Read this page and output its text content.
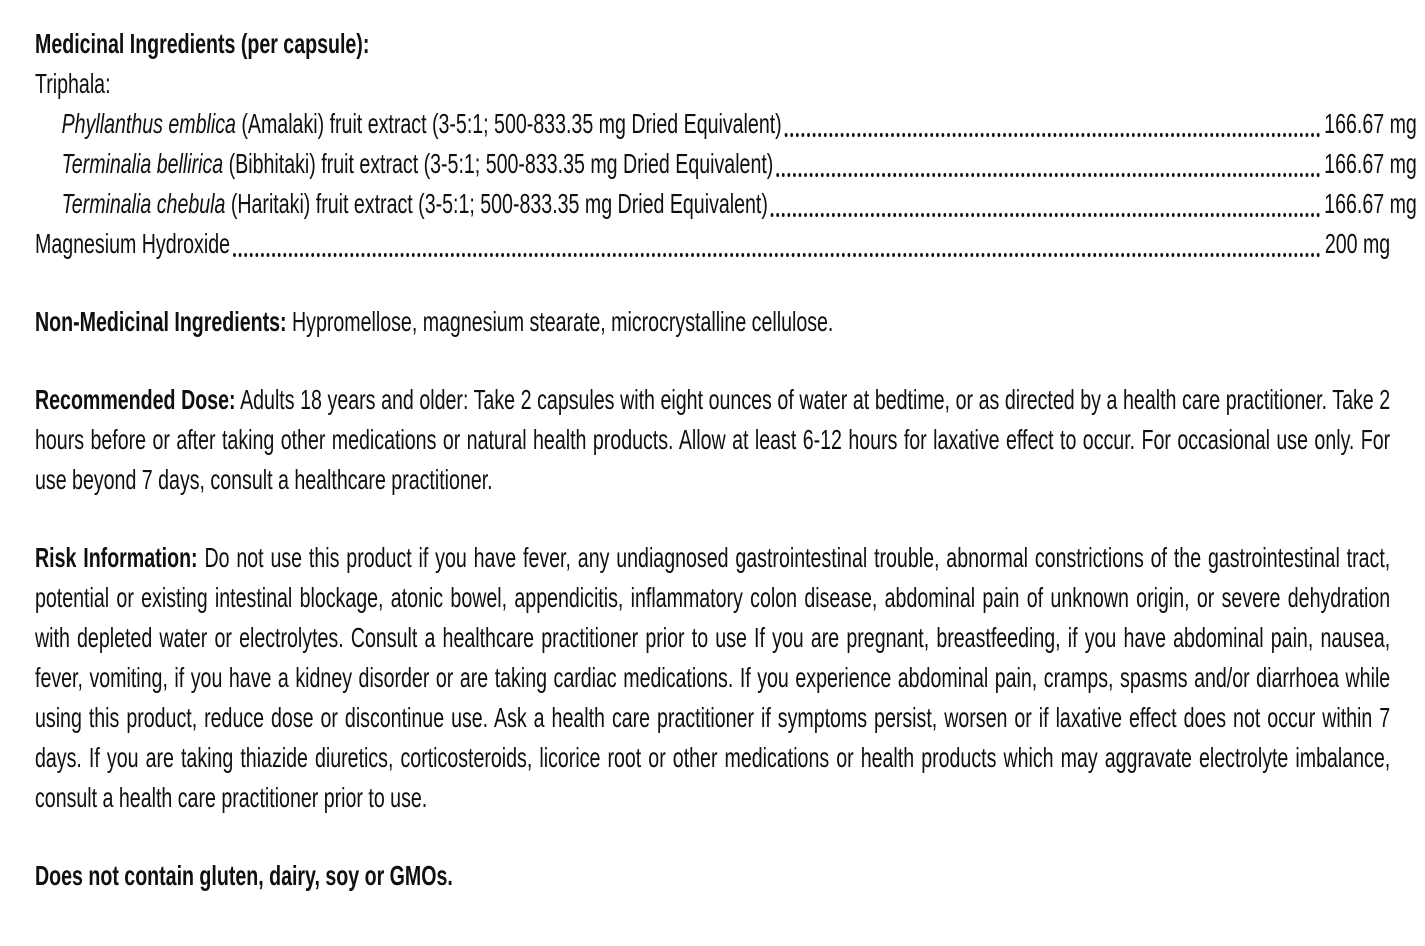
Medicinal Ingredients (per capsule):
Triphala:
Phyllanthus emblica (Amalaki) fruit extract (3-5:1; 500-833.35 mg Dried Equivalent)	166.67 mg
Terminalia bellirica (Bibhitaki) fruit extract (3-5:1; 500-833.35 mg Dried Equivalent)	166.67 mg
Terminalia chebula (Haritaki) fruit extract (3-5:1; 500-833.35 mg Dried Equivalent)	166.67 mg
Magnesium Hydroxide	200 mg
Non-Medicinal Ingredients: Hypromellose, magnesium stearate, microcrystalline cellulose.
Recommended Dose: Adults 18 years and older: Take 2 capsules with eight ounces of water at bedtime, or as directed by a health care practitioner. Take 2 hours before or after taking other medications or natural health products. Allow at least 6-12 hours for laxative effect to occur. For occasional use only. For use beyond 7 days, consult a healthcare practitioner.
Risk Information: Do not use this product if you have fever, any undiagnosed gastrointestinal trouble, abnormal constrictions of the gastrointestinal tract, potential or existing intestinal blockage, atonic bowel, appendicitis, inflammatory colon disease, abdominal pain of unknown origin, or severe dehydration with depleted water or electrolytes. Consult a healthcare practitioner prior to use If you are pregnant, breastfeeding, if you have abdominal pain, nausea, fever, vomiting, if you have a kidney disorder or are taking cardiac medications. If you experience abdominal pain, cramps, spasms and/or diarrhoea while using this product, reduce dose or discontinue use. Ask a health care practitioner if symptoms persist, worsen or if laxative effect does not occur within 7 days. If you are taking thiazide diuretics, corticosteroids, licorice root or other medications or health products which may aggravate electrolyte imbalance, consult a health care practitioner prior to use.
Does not contain gluten, dairy, soy or GMOs.
